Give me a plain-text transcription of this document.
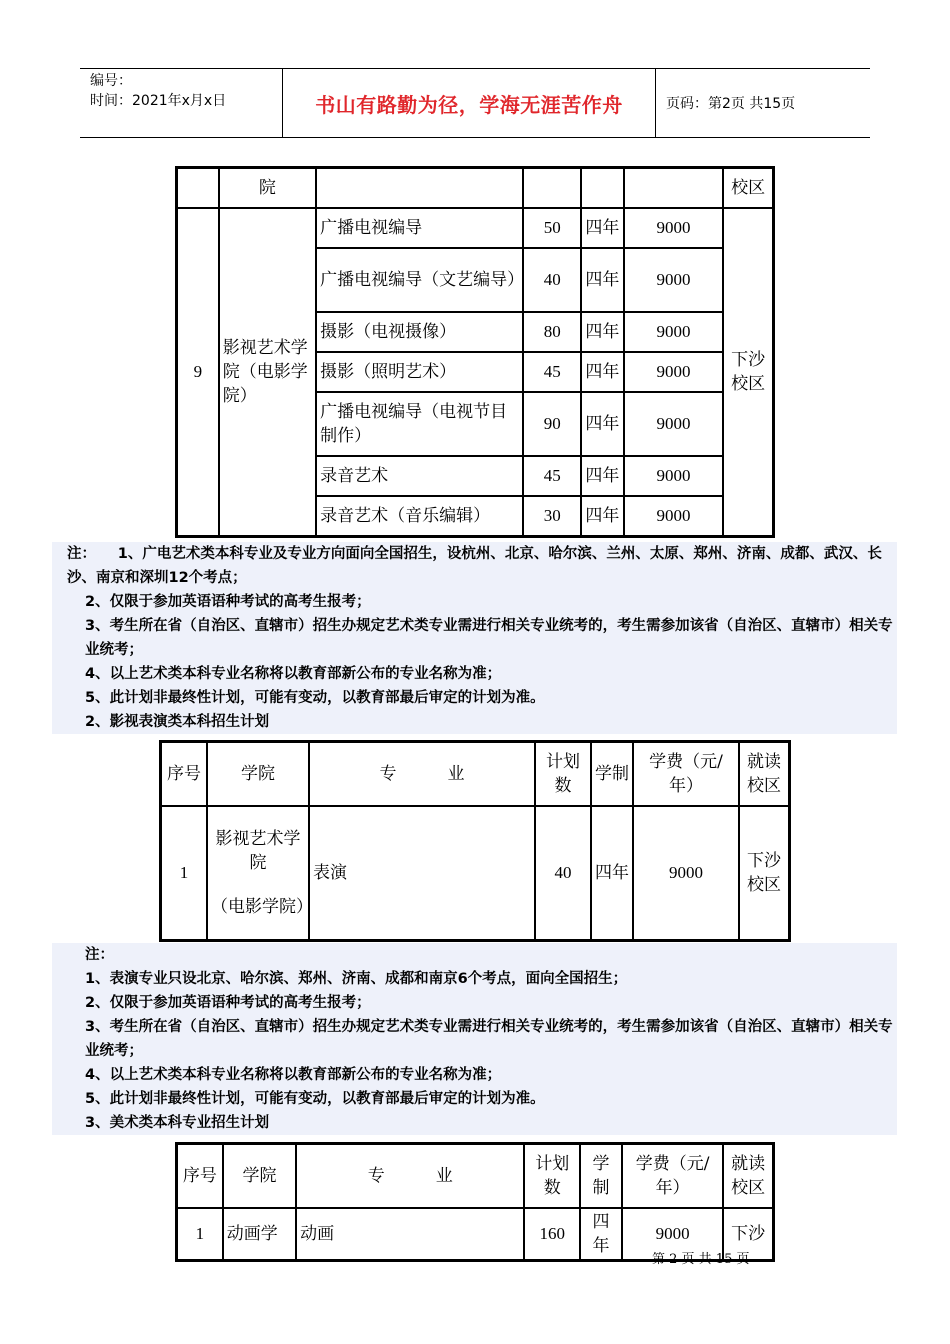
编号：
时间：2021年x月x日	书山有路勤为径，学海无涯苦作舟	页码：第2页 共15页
	院					校区
9	影视艺术学院（电影学院）	广播电视编导	50	四年	9000	下沙校区
		广播电视编导（文艺编导）	40	四年	9000	
		摄影（电视摄像）	80	四年	9000	
		摄影（照明艺术）	45	四年	9000	
		广播电视编导（电视节目制作）	90	四年	9000	
		录音艺术	45	四年	9000	
		录音艺术（音乐编辑）	30	四年	9000	

注：　　1、广电艺术类本科专业及专业方向面向全国招生，设杭州、北京、哈尔滨、兰州、太原、郑州、济南、成都、武汉、长沙、南京和深圳12个考点；

2、仅限于参加英语语种考试的高考生报考；

3、考生所在省（自治区、直辖市）招生办规定艺术类专业需进行相关专业统考的，考生需参加该省（自治区、直辖市）相关专业统考；

4、以上艺术类本科专业名称将以教育部新公布的专业名称为准；

5、此计划非最终性计划，可能有变动，以教育部最后审定的计划为准。

2、影视表演类本科招生计划

序号	学院	专　　　业	计划数	学制	学费（元/年）	就读校区
1	影视艺术学院
（电影学院）	表演	40	四年	9000	下沙校区

注：

1、表演专业只设北京、哈尔滨、郑州、济南、成都和南京6个考点，面向全国招生；

2、仅限于参加英语语种考试的高考生报考；

3、考生所在省（自治区、直辖市）招生办规定艺术类专业需进行相关专业统考的，考生需参加该省（自治区、直辖市）相关专业统考；

4、以上艺术类本科专业名称将以教育部新公布的专业名称为准；

5、此计划非最终性计划，可能有变动，以教育部最后审定的计划为准。

3、美术类本科专业招生计划

序号	学院	专　　　业	计划数	学制	学费（元/年）	就读校区
1	动画学	动画	160	四年	9000	下沙
第 2 页 共 15 页
